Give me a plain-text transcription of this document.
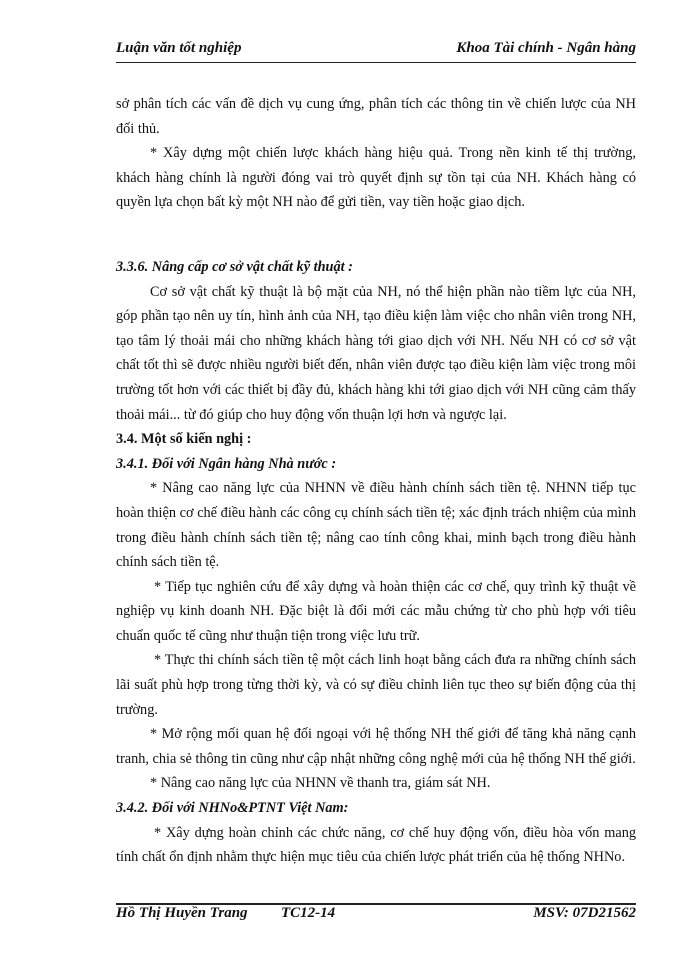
Luận văn tốt nghiệp	Khoa Tài chính - Ngân hàng

sở phân tích các vấn đề dịch vụ cung ứng, phân tích các thông tin về chiến lược của NH đối thủ.

* Xây dựng một chiến lược khách hàng hiệu quả. Trong nền kinh tế thị trường, khách hàng chính là người đóng vai trò quyết định sự tồn tại của NH. Khách hàng có quyền lựa chọn bất kỳ một NH nào để gửi tiền, vay tiền hoặc giao dịch.

3.3.6. Nâng cấp cơ sở vật chất kỹ thuật :

Cơ sở vật chất kỹ thuật là bộ mặt của NH, nó thể hiện phần nào tiềm lực của NH, góp phần tạo nên uy tín, hình ảnh của NH, tạo điều kiện làm việc cho nhân viên trong NH, tạo tâm lý thoải mái cho những khách hàng tới giao dịch với NH. Nếu NH có cơ sở vật chất tốt thì sẽ được nhiều người biết đến, nhân viên được tạo điều kiện làm việc trong môi trường tốt hơn với các thiết bị đầy đủ, khách hàng khi tới giao dịch với NH cũng cảm thấy thoải mái... từ đó giúp cho huy động vốn thuận lợi hơn và ngược lại.

3.4. Một số kiến nghị :

3.4.1. Đối với Ngân hàng Nhà nước :

* Nâng cao năng lực của NHNN về điều hành chính sách tiền tệ. NHNN tiếp tục hoàn thiện cơ chế điều hành các công cụ chính sách tiền tệ; xác định trách nhiệm của mình trong điều hành chính sách tiền tệ; nâng cao tính công khai, minh bạch trong điều hành chính sách tiền tệ.

* Tiếp tục nghiên cứu để xây dựng và hoàn thiện các cơ chế, quy trình kỹ thuật về nghiệp vụ kinh doanh NH. Đặc biệt là đổi mới các mẫu chứng từ cho phù hợp với tiêu chuẩn quốc tế cũng như thuận tiện trong việc lưu trữ.

* Thực thi chính sách tiền tệ một cách linh hoạt bằng cách đưa ra những chính sách lãi suất phù hợp trong từng thời kỳ, và có sự điều chỉnh liên tục theo sự biến động của thị trường.

* Mở rộng mối quan hệ đối ngoại với hệ thống NH thế giới để tăng khả năng cạnh tranh, chia sẻ thông tin cũng như cập nhật những công nghệ mới của hệ thống NH thế giới.

* Nâng cao năng lực của NHNN về thanh tra, giám sát NH.

3.4.2. Đối với NHNo&PTNT Việt Nam:

* Xây dựng hoàn chỉnh các chức năng, cơ chế huy động vốn, điều hòa vốn mang tính chất ổn định nhằm thực hiện mục tiêu của chiến lược phát triển của hệ thống NHNo.

Hồ Thị Huyền Trang TC12-14	MSV: 07D21562
